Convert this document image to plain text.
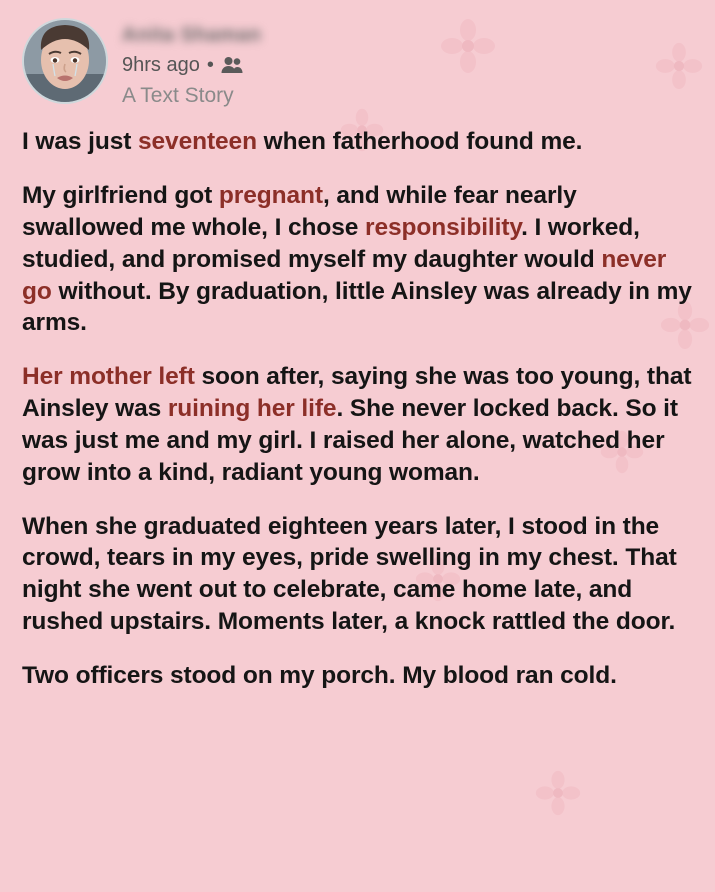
Anita Shaman
9hrs ago •
A Text Story

I was just seventeen when fatherhood found me.

My girlfriend got pregnant, and while fear nearly swallowed me whole, I chose responsibility. I worked, studied, and promised myself my daughter would never go without. By graduation, little Ainsley was already in my arms.

Her mother left soon after, saying she was too young, that Ainsley was ruining her life. She never locked back. So it was just me and my girl. I raised her alone, watched her grow into a kind, radiant young woman.

When she graduated eighteen years later, I stood in the crowd, tears in my eyes, pride swelling in my chest. That night she went out to celebrate, came home late, and rushed upstairs. Moments later, a knock rattled the door.

Two officers stood on my porch. My blood ran cold.
